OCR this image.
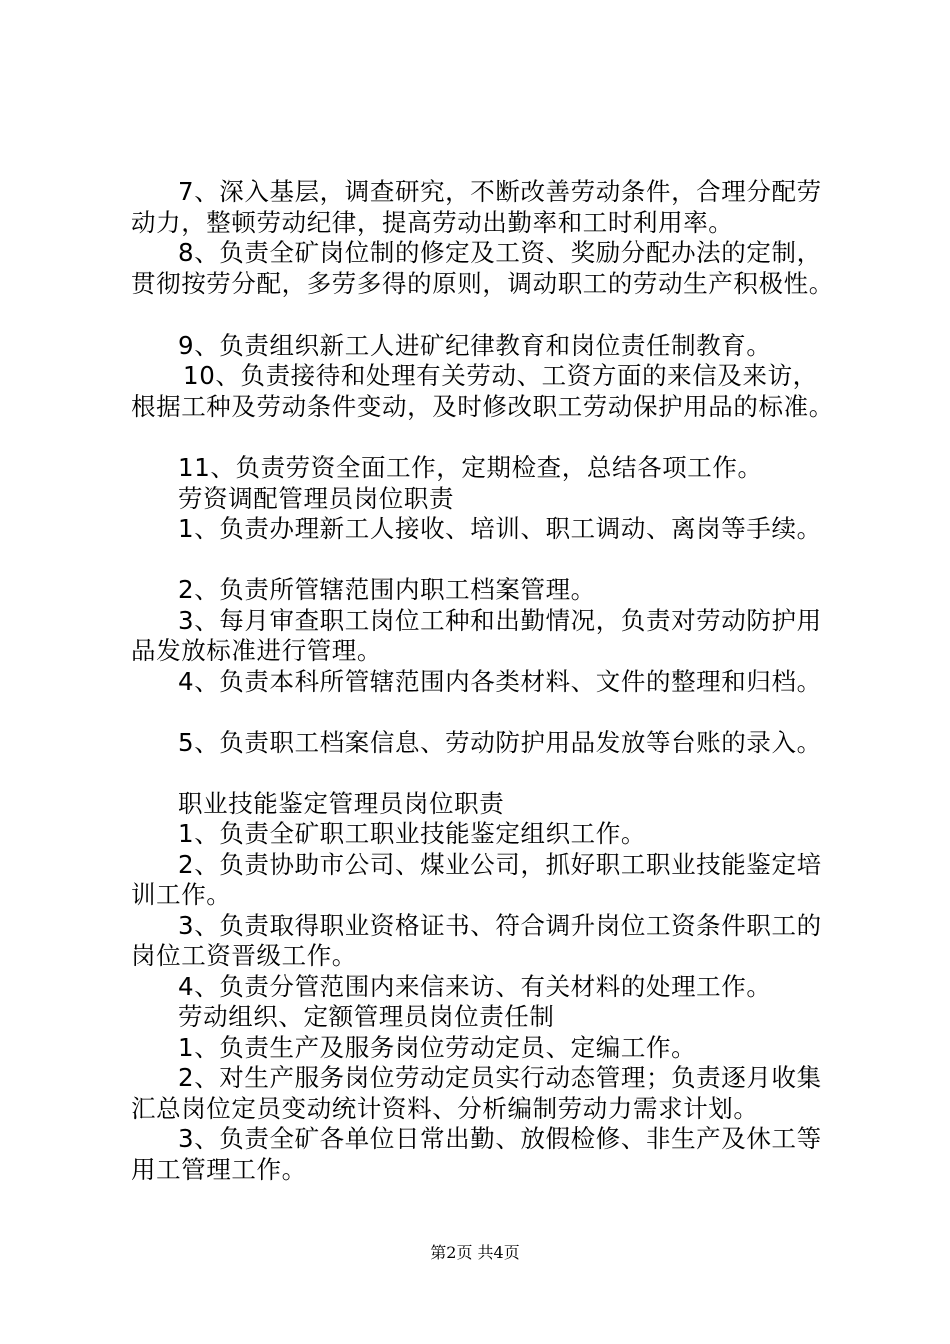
7、深入基层，调查研究，不断改善劳动条件，合理分配劳
动力，整顿劳动纪律，提高劳动出勤率和工时利用率。
8、负责全矿岗位制的修定及工资、奖励分配办法的定制，
贯彻按劳分配，多劳多得的原则，调动职工的劳动生产积极性。
9、负责组织新工人进矿纪律教育和岗位责任制教育。
10、负责接待和处理有关劳动、工资方面的来信及来访，
根据工种及劳动条件变动，及时修改职工劳动保护用品的标准。
11、负责劳资全面工作，定期检查，总结各项工作。
劳资调配管理员岗位职责
1、负责办理新工人接收、培训、职工调动、离岗等手续。
2、负责所管辖范围内职工档案管理。
3、每月审查职工岗位工种和出勤情况，负责对劳动防护用
品发放标准进行管理。
4、负责本科所管辖范围内各类材料、文件的整理和归档。
5、负责职工档案信息、劳动防护用品发放等台账的录入。
职业技能鉴定管理员岗位职责
1、负责全矿职工职业技能鉴定组织工作。
2、负责协助市公司、煤业公司，抓好职工职业技能鉴定培
训工作。
3、负责取得职业资格证书、符合调升岗位工资条件职工的
岗位工资晋级工作。
4、负责分管范围内来信来访、有关材料的处理工作。
劳动组织、定额管理员岗位责任制
1、负责生产及服务岗位劳动定员、定编工作。
2、对生产服务岗位劳动定员实行动态管理；负责逐月收集
汇总岗位定员变动统计资料、分析编制劳动力需求计划。
3、负责全矿各单位日常出勤、放假检修、非生产及休工等
用工管理工作。
第2页 共4页
